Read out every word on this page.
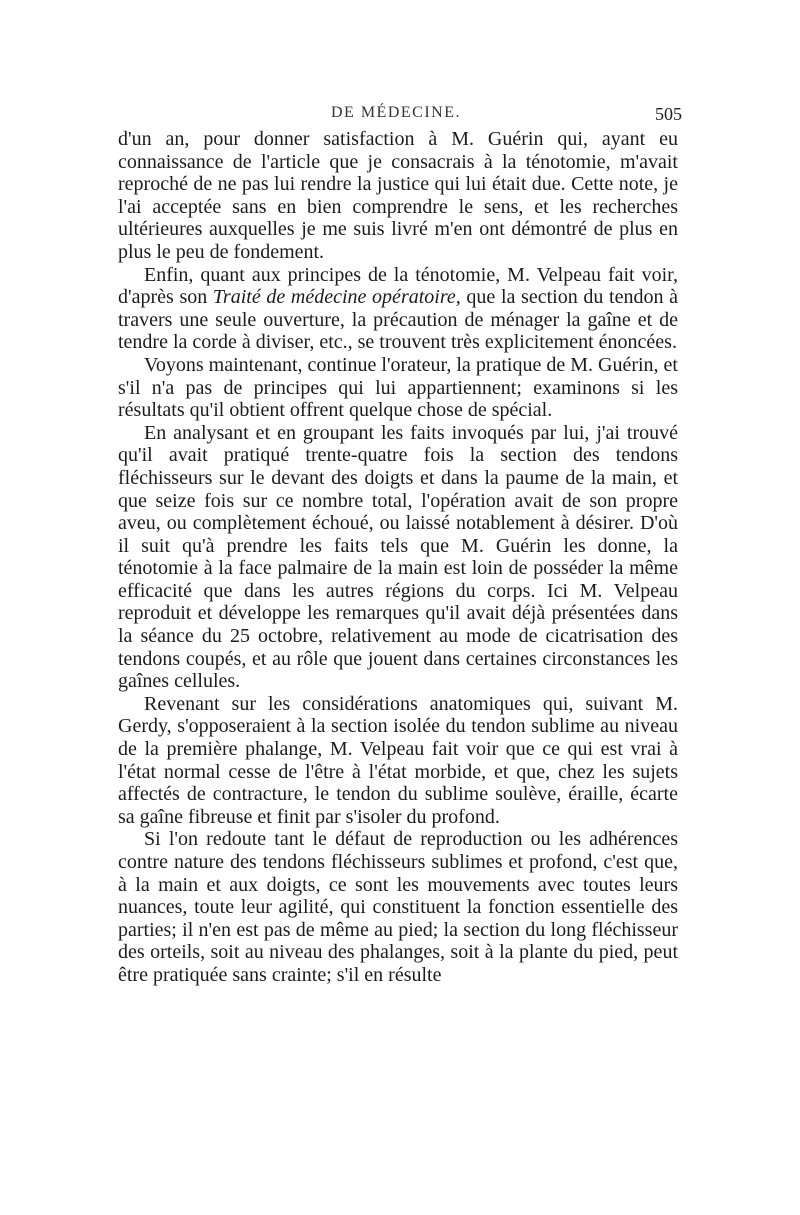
DE MÉDECINE.	505

d'un an, pour donner satisfaction à M. Guérin qui, ayant eu connaissance de l'article que je consacrais à la ténotomie, m'avait reproché de ne pas lui rendre la justice qui lui était due. Cette note, je l'ai acceptée sans en bien comprendre le sens, et les recherches ultérieures auxquelles je me suis livré m'en ont démontré de plus en plus le peu de fondement.

Enfin, quant aux principes de la ténotomie, M. Velpeau fait voir, d'après son Traité de médecine opératoire, que la section du tendon à travers une seule ouverture, la précaution de ménager la gaîne et de tendre la corde à diviser, etc., se trouvent très explicitement énoncées.

Voyons maintenant, continue l'orateur, la pratique de M. Guérin, et s'il n'a pas de principes qui lui appartiennent; examinons si les résultats qu'il obtient offrent quelque chose de spécial.

En analysant et en groupant les faits invoqués par lui, j'ai trouvé qu'il avait pratiqué trente-quatre fois la section des tendons fléchisseurs sur le devant des doigts et dans la paume de la main, et que seize fois sur ce nombre total, l'opération avait de son propre aveu, ou complètement échoué, ou laissé notablement à désirer. D'où il suit qu'à prendre les faits tels que M. Guérin les donne, la ténotomie à la face palmaire de la main est loin de posséder la même efficacité que dans les autres régions du corps. Ici M. Velpeau reproduit et développe les remarques qu'il avait déjà présentées dans la séance du 25 octobre, relativement au mode de cicatrisation des tendons coupés, et au rôle que jouent dans certaines circonstances les gaînes cellules.

Revenant sur les considérations anatomiques qui, suivant M. Gerdy, s'opposeraient à la section isolée du tendon sublime au niveau de la première phalange, M. Velpeau fait voir que ce qui est vrai à l'état normal cesse de l'être à l'état morbide, et que, chez les sujets affectés de contracture, le tendon du sublime soulève, éraille, écarte sa gaîne fibreuse et finit par s'isoler du profond.

Si l'on redoute tant le défaut de reproduction ou les adhérences contre nature des tendons fléchisseurs sublimes et profond, c'est que, à la main et aux doigts, ce sont les mouvements avec toutes leurs nuances, toute leur agilité, qui constituent la fonction essentielle des parties; il n'en est pas de même au pied; la section du long fléchisseur des orteils, soit au niveau des phalanges, soit à la plante du pied, peut être pratiquée sans crainte; s'il en résulte
